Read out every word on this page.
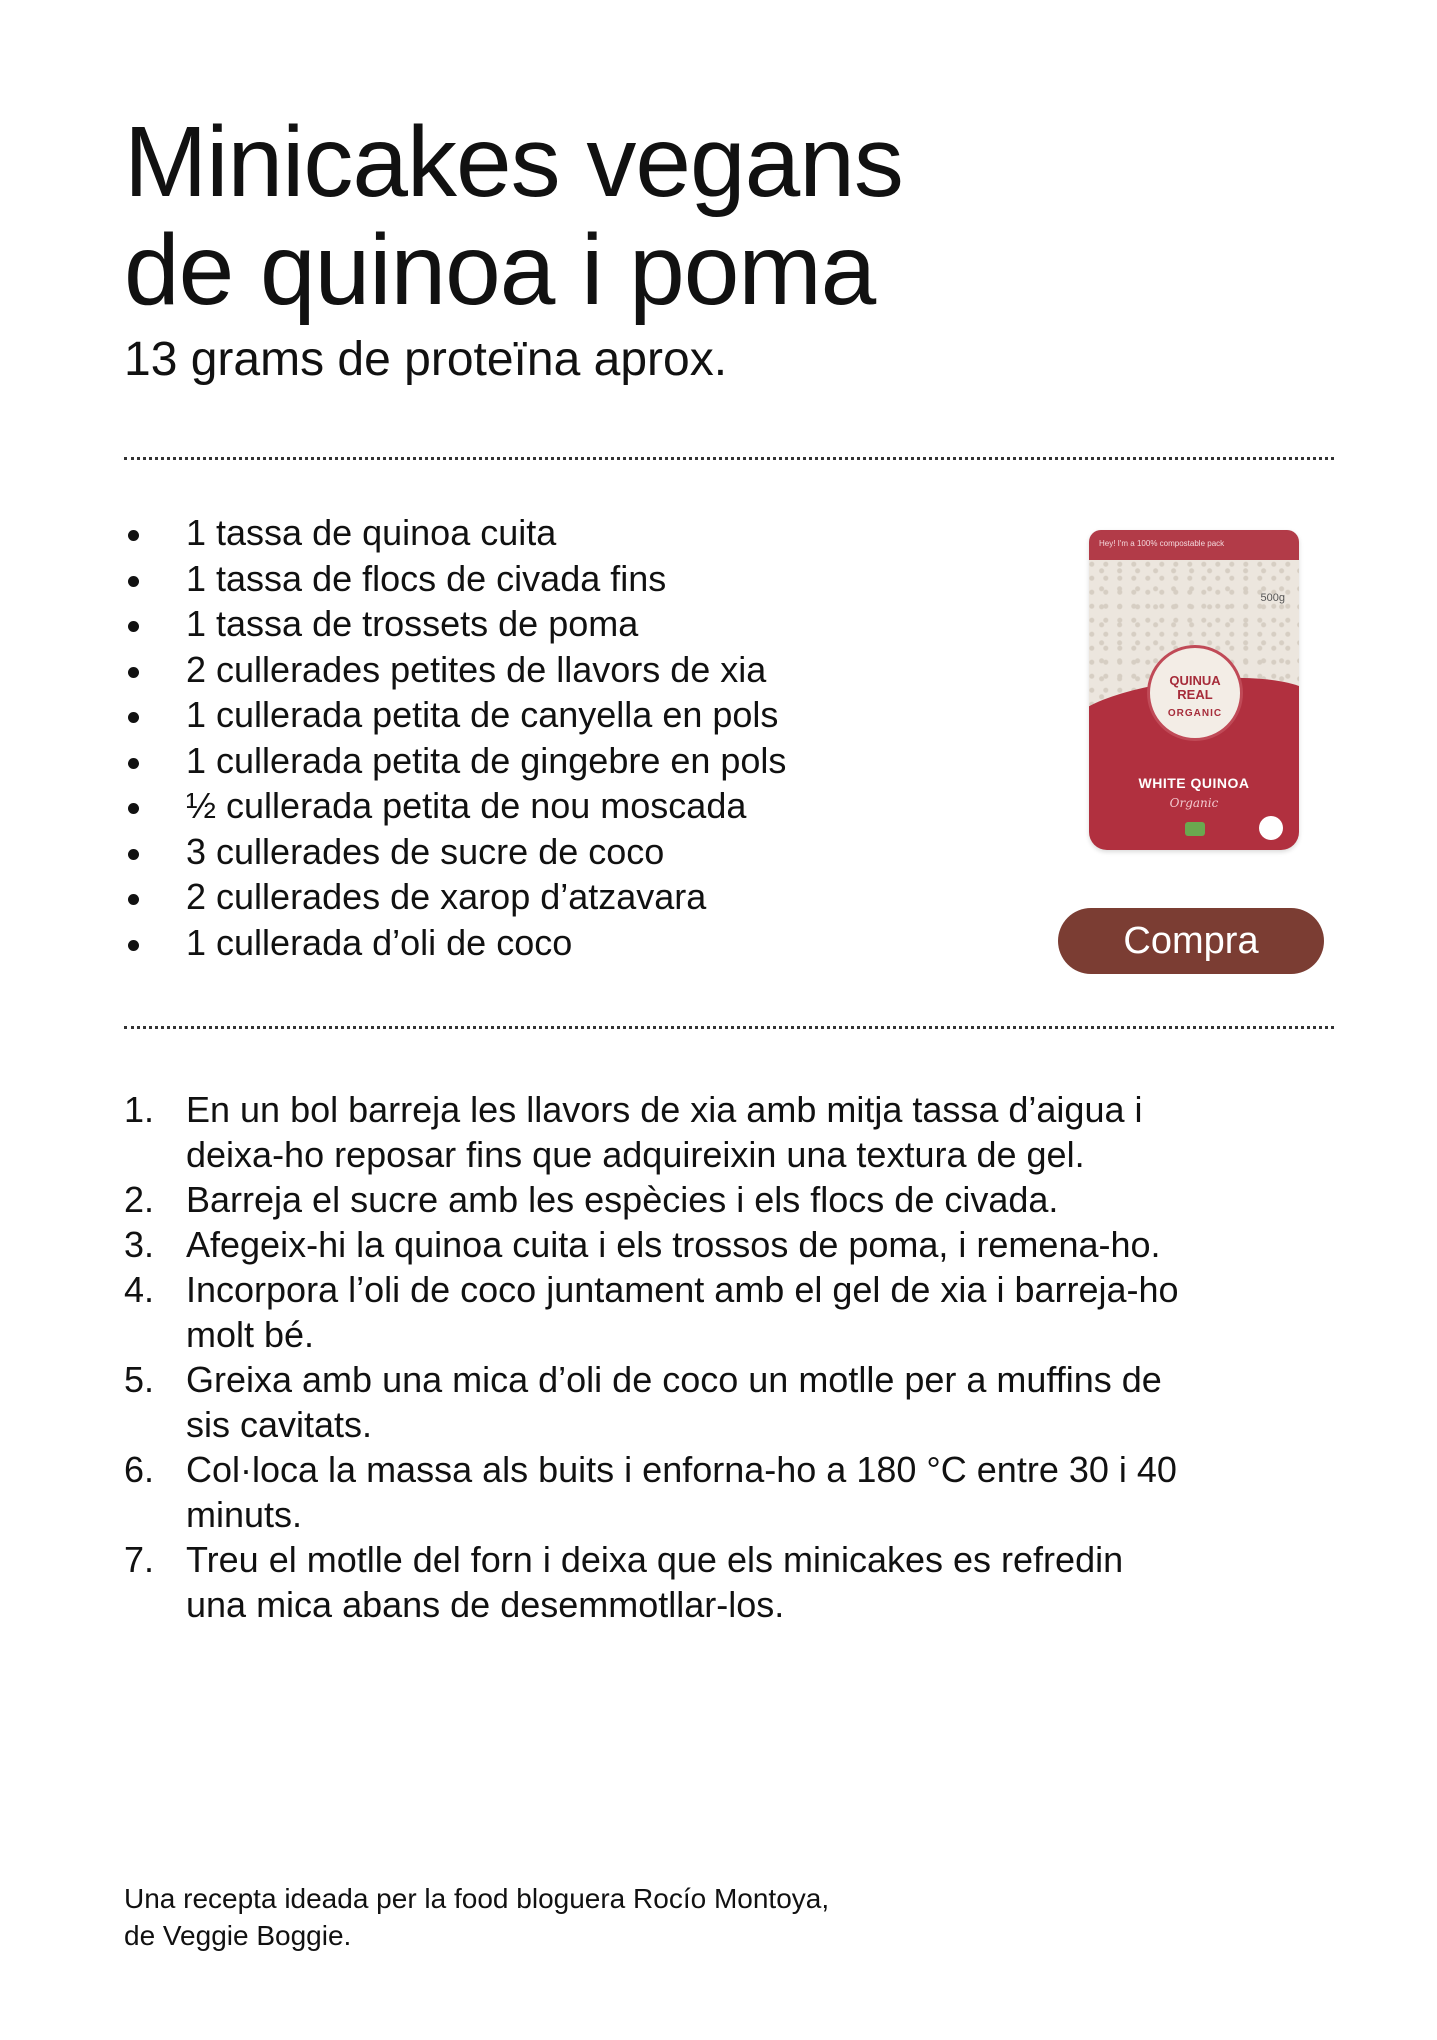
Minicakes vegans
de quinoa i poma

13 grams de proteïna aprox.

1 tassa de quinoa cuita
1 tassa de flocs de civada fins
1 tassa de trossets de poma
2 cullerades petites de llavors de xia
1 cullerada petita de canyella en pols
1 cullerada petita de gingebre en pols
½ cullerada petita de nou moscada
3 cullerades de sucre de coco
2 cullerades de xarop d’atzavara
1 cullerada d’oli de coco
Hey! I'm a 100% compostable pack
500g
QUINUA
REAL
ORGANIC
WHITE QUINOA
Organic
Compra
1. En un bol barreja les llavors de xia amb mitja tassa d’aigua i deixa-ho reposar fins que adquireixin una textura de gel.
2. Barreja el sucre amb les espècies i els flocs de civada.
3. Afegeix-hi la quinoa cuita i els trossos de poma, i remena-ho.
4. Incorpora l’oli de coco juntament amb el gel de xia i barreja-ho molt bé.
5. Greixa amb una mica d’oli de coco un motlle per a muffins de sis cavitats.
6. Col·loca la massa als buits i enforna-ho a 180 °C entre 30 i 40 minuts.
7. Treu el motlle del forn i deixa que els minicakes es refredin una mica abans de desemmotllar-los.

Una recepta ideada per la food bloguera Rocío Montoya,
de Veggie Boggie.
